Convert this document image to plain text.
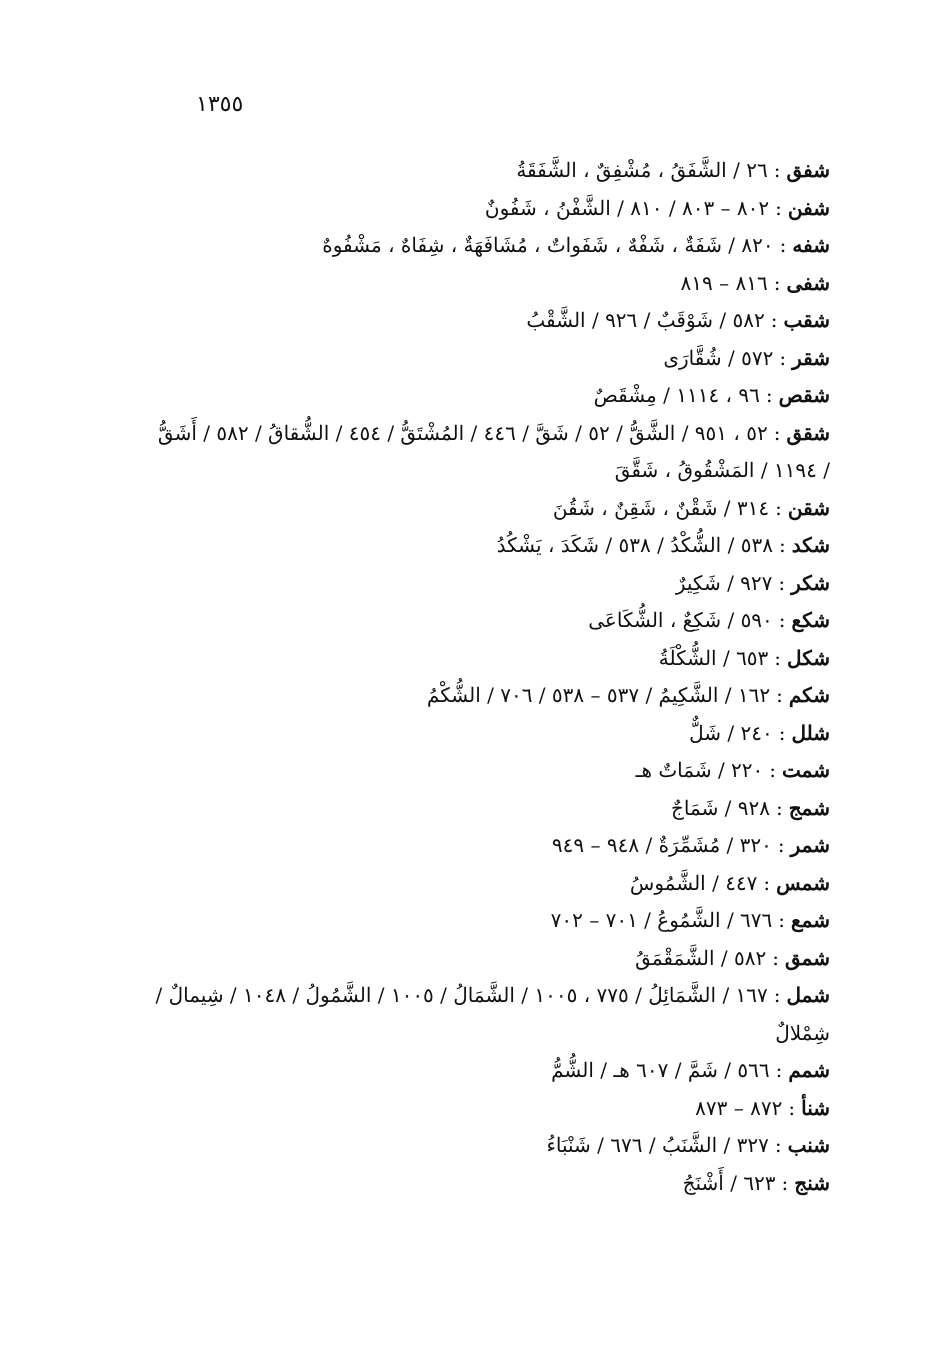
١٣٥٥
شفق:٢٦ / الشَّفَقُ ، مُشْفِقٌ ، الشَّفَقَةُ
شفن:٨٠٢ – ٨٠٣ / ٨١٠ / الشَّفْنُ ، شَفُونٌ
شفه:٨٢٠ / شَفَةٌ ، شَفْهٌ ، شَفَواتٌ ، مُشَافَهَةٌ ، شِفَاهٌ ، مَشْفُوهٌ
شفى:٨١٦ – ٨١٩
شقب:٥٨٢ / شَوْقَبٌ / ٩٢٦ / الشَّقْبُ
شقر:٥٧٢ / شُقَّارَى
شقص:٩٦ ، ١١١٤ / مِشْقَصٌ
شقق:٥٢ ، ٩٥١ / الشَّقُّ / ٥٢ / شَقَّ / ٤٤٦ / المُشْتَقُّ / ٤٥٤ / الشُّقاقُ / ٥٨٢ / أَشَقُّ / ١١٩٤ / المَشْقُوقُ ، شَقَّقَ
شقن:٣١٤ / شَقْنٌ ، شَقِنٌ ، شَقُنَ
شكد:٥٣٨ / الشُّكْدُ / ٥٣٨ / شَكَدَ ، يَشْكُدُ
شكر:٩٢٧ / شَكِيرٌ
شكع:٥٩٠ / شَكِعٌ ، الشُّكَاعَى
شكل:٦٥٣ / الشُّكْلَةُ
شكم:١٦٢ / الشَّكِيمُ / ٥٣٧ – ٥٣٨ / ٧٠٦ / الشُّكْمُ
شلل:٢٤٠ / شَلٌّ
شمت:٢٢٠ / شَمَاتٌ هـ
شمج:٩٢٨ / شَمَاجٌ
شمر:٣٢٠ / مُشَمِّرَةٌ / ٩٤٨ – ٩٤٩
شمس:٤٤٧ / الشَّمُوسُ
شمع:٦٧٦ / الشَّمُوعُ / ٧٠١ – ٧٠٢
شمق:٥٨٢ / الشَّمَقْمَقُ
شمل:١٦٧ / الشَّمَائِلُ / ٧٧٥ ، ١٠٠٥ / الشَّمَالُ / ١٠٠٥ / الشَّمُولُ / ١٠٤٨ / شِيمالٌ / شِمْلالٌ
شمم:٥٦٦ / شَمَّ / ٦٠٧ هـ / الشُّمُّ
شنأ:٨٧٢ – ٨٧٣
شنب:٣٢٧ / الشَّنَبُ / ٦٧٦ / شَنْبَاءُ
شنج:٦٢٣ / أَشْنَجُ
